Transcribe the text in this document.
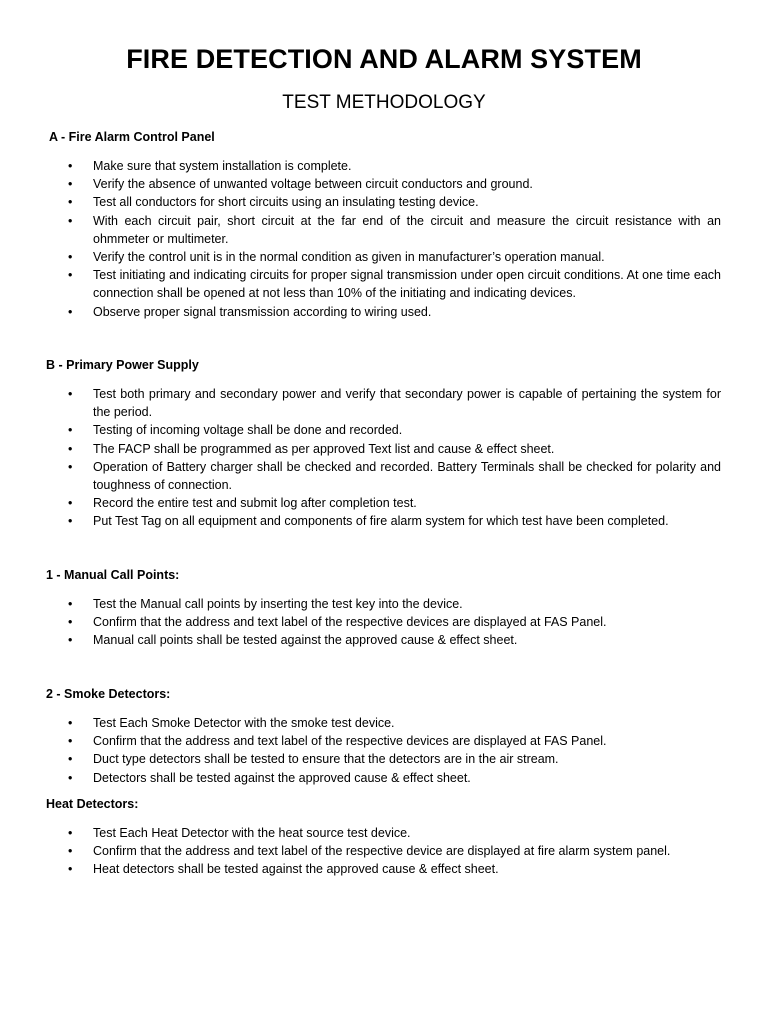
FIRE DETECTION AND ALARM SYSTEM
TEST METHODOLOGY
A - Fire Alarm Control Panel
• Make sure that system installation is complete.
• Verify the absence of unwanted voltage between circuit conductors and ground.
• Test all conductors for short circuits using an insulating testing device.
• With each circuit pair, short circuit at the far end of the circuit and measure the circuit resistance with an ohmmeter or multimeter.
• Verify the control unit is in the normal condition as given in manufacturer’s operation manual.
• Test initiating and indicating circuits for proper signal transmission under open circuit conditions. At one time each connection shall be opened at not less than 10% of the initiating and indicating devices.
• Observe proper signal transmission according to wiring used.
B - Primary Power Supply
• Test both primary and secondary power and verify that secondary power is capable of pertaining the system for the period.
• Testing of incoming voltage shall be done and recorded.
• The FACP shall be programmed as per approved Text list and cause & effect sheet.
• Operation of Battery charger shall be checked and recorded. Battery Terminals shall be checked for polarity and toughness of connection.
• Record the entire test and submit log after completion test.
• Put Test Tag on all equipment and components of fire alarm system for which test have been completed.
1 - Manual Call Points:
• Test the Manual call points by inserting the test key into the device.
• Confirm that the address and text label of the respective devices are displayed at FAS Panel.
• Manual call points shall be tested against the approved cause & effect sheet.
2 - Smoke Detectors:
• Test Each Smoke Detector with the smoke test device.
• Confirm that the address and text label of the respective devices are displayed at FAS Panel.
• Duct type detectors shall be tested to ensure that the detectors are in the air stream.
• Detectors shall be tested against the approved cause & effect sheet.
Heat Detectors:
• Test Each Heat Detector with the heat source test device.
• Confirm that the address and text label of the respective device are displayed at fire alarm system panel.
• Heat detectors shall be tested against the approved cause & effect sheet.
